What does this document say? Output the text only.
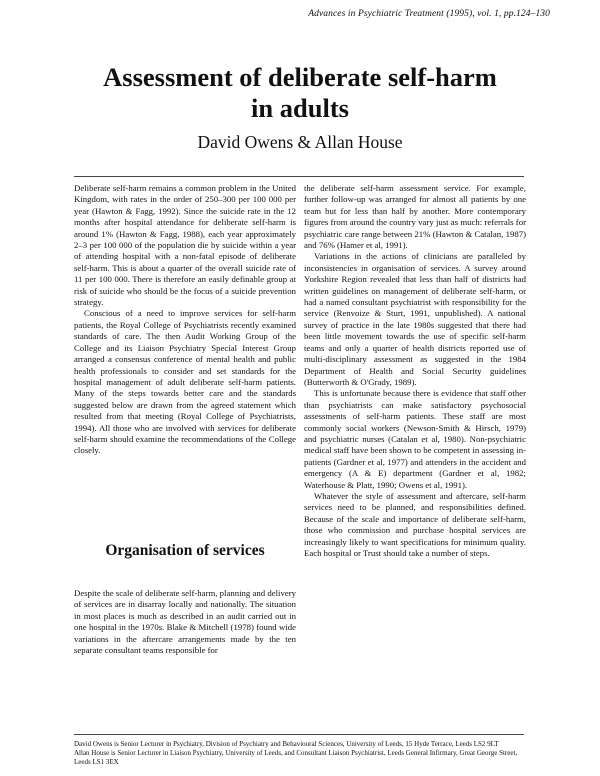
Advances in Psychiatric Treatment (1995), vol. 1, pp.124–130
Assessment of deliberate self-harm
in adults
David Owens & Allan House

Deliberate self-harm remains a common problem in the United Kingdom, with rates in the order of 250–300 per 100 000 per year (Hawton & Fagg, 1992). Since the suicide rate in the 12 months after hospital attendance for deliberate self-harm is around 1% (Hawton & Fagg, 1988), each year approximately 2–3 per 100 000 of the population die by suicide within a year of attending hospital with a non-fatal episode of deliberate self-harm. This is about a quarter of the overall suicide rate of 11 per 100 000. There is therefore an easily definable group at risk of suicide who should be the focus of a suicide prevention strategy.

Conscious of a need to improve services for self-harm patients, the Royal College of Psychiatrists recently examined standards of care. The then Audit Working Group of the College and its Liaison Psychiatry Special Interest Group arranged a consensus conference of mental health and public health professionals to consider and set standards for the hospital management of adult deliberate self-harm patients. Many of the steps towards better care and the standards suggested below are drawn from the agreed statement which resulted from that meeting (Royal College of Psychiatrists, 1994). All those who are involved with services for deliberate self-harm should examine the recommendations of the College closely.

Organisation of services

Despite the scale of deliberate self-harm, planning and delivery of services are in disarray locally and nationally. The situation in most places is much as described in an audit carried out in one hospital in the 1970s. Blake & Mitchell (1978) found wide variations in the aftercare arrangements made by the ten separate consultant teams responsible for

the deliberate self-harm assessment service. For example, further follow-up was arranged for almost all patients by one team but for less than half by another. More contemporary figures from around the country vary just as much: referrals for psychiatric care range between 21% (Hawton & Catalan, 1987) and 76% (Hamer et al, 1991).

Variations in the actions of clinicians are paralleled by inconsistencies in organisation of services. A survey around Yorkshire Region revealed that less than half of districts had written guidelines on management of deliberate self-harm, or had a named consultant psychiatrist with responsibility for the service (Renvoize & Sturt, 1991, unpublished). A national survey of practice in the late 1980s suggested that there had been little movement towards the use of specific self-harm teams and only a quarter of health districts reported use of multi-disciplinary assessment as suggested in the 1984 Department of Health and Social Security guidelines (Butterworth & O'Grady, 1989).

This is unfortunate because there is evidence that staff other than psychiatrists can make satisfactory psychosocial assessments of self-harm patients. These staff are most commonly social workers (Newson-Smith & Hirsch, 1979) and psychiatric nurses (Catalan et al, 1980). Non-psychiatric medical staff have been shown to be competent in assessing in-patients (Gardner et al, 1977) and attenders in the accident and emergency (A & E) department (Gardner et al, 1982; Waterhouse & Platt, 1990; Owens et al, 1991).

Whatever the style of assessment and aftercare, self-harm services need to be planned, and responsibilities defined. Because of the scale and importance of deliberate self-harm, those who commission and purchase hospital services are increasingly likely to want specifications for minimum quality. Each hospital or Trust should take a number of steps.

David Owens is Senior Lecturer in Psychiatry, Division of Psychiatry and Behavioural Sciences, University of Leeds, 15 Hyde Terrace, Leeds LS2 9LT

Allan House is Senior Lecturer in Liaison Psychiatry, University of Leeds, and Consultant Liaison Psychiatrist, Leeds General Infirmary, Great George Street, Leeds LS1 3EX
